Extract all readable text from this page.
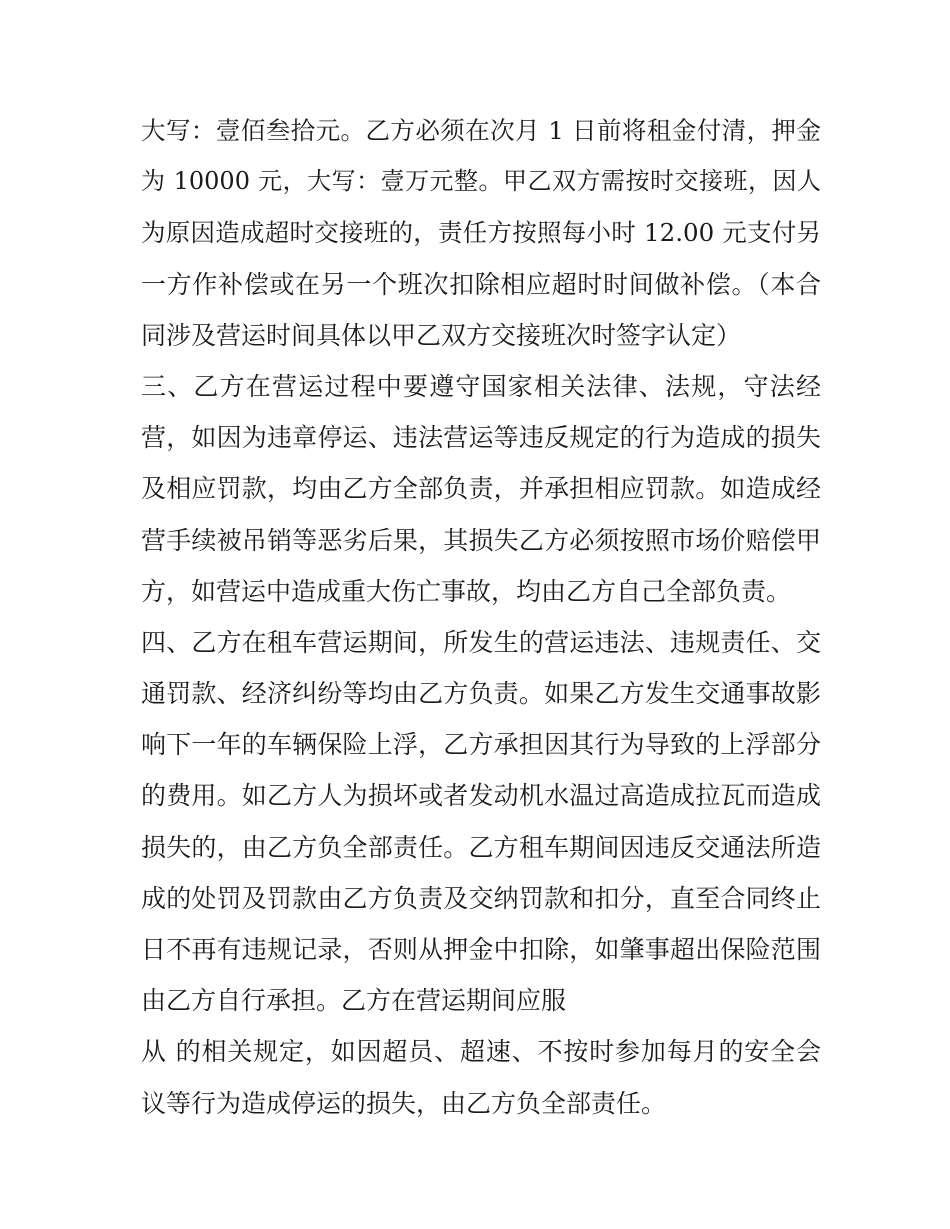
大写：壹佰叁拾元。乙方必须在次月 1 日前将租金付清，押金
为 10000 元，大写：壹万元整。甲乙双方需按时交接班，因人
为原因造成超时交接班的，责任方按照每小时 12.00 元支付另
一方作补偿或在另一个班次扣除相应超时时间做补偿。（本合
同涉及营运时间具体以甲乙双方交接班次时签字认定）
三、乙方在营运过程中要遵守国家相关法律、法规，守法经
营，如因为违章停运、违法营运等违反规定的行为造成的损失
及相应罚款，均由乙方全部负责，并承担相应罚款。如造成经
营手续被吊销等恶劣后果，其损失乙方必须按照市场价赔偿甲
方，如营运中造成重大伤亡事故，均由乙方自己全部负责。
四、乙方在租车营运期间，所发生的营运违法、违规责任、交
通罚款、经济纠纷等均由乙方负责。如果乙方发生交通事故影
响下一年的车辆保险上浮，乙方承担因其行为导致的上浮部分
的费用。如乙方人为损坏或者发动机水温过高造成拉瓦而造成
损失的，由乙方负全部责任。乙方租车期间因违反交通法所造
成的处罚及罚款由乙方负责及交纳罚款和扣分，直至合同终止
日不再有违规记录，否则从押金中扣除，如肇事超出保险范围
由乙方自行承担。乙方在营运期间应服
从 的相关规定，如因超员、超速、不按时参加每月的安全会
议等行为造成停运的损失，由乙方负全部责任。
